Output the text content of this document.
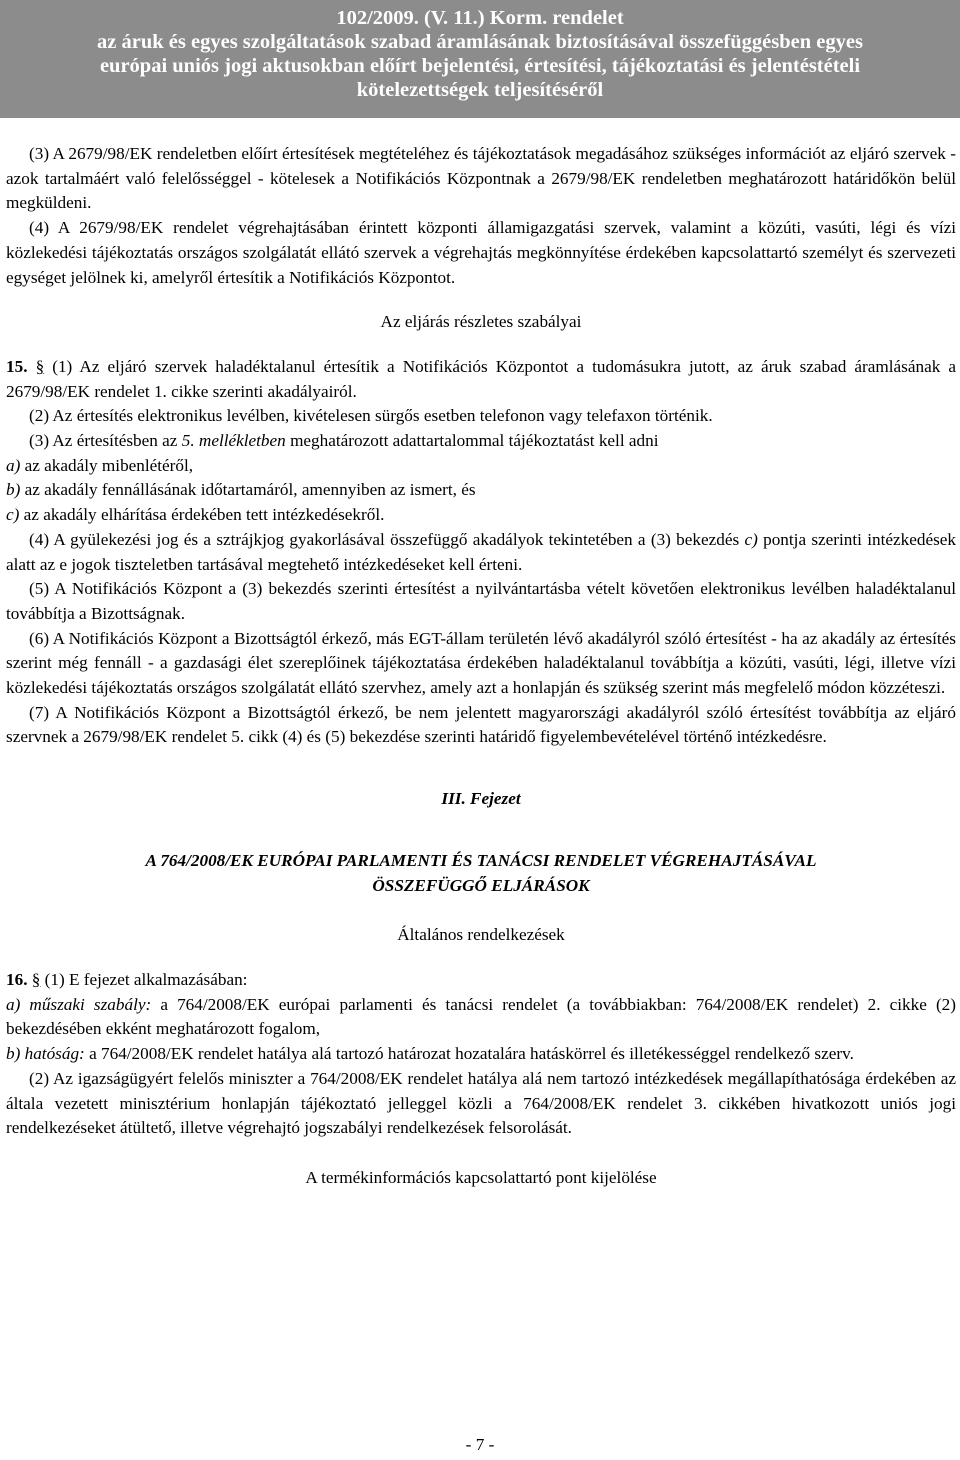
102/2009. (V. 11.) Korm. rendelet
az áruk és egyes szolgáltatások szabad áramlásának biztosításával összefüggésben egyes
európai uniós jogi aktusokban előírt bejelentési, értesítési, tájékoztatási és jelentéstételi
kötelezettségek teljesítéséről

(3) A 2679/98/EK rendeletben előírt értesítések megtételéhez és tájékoztatások megadásához szükséges információt az eljáró szervek - azok tartalmáért való felelősséggel - kötelesek a Notifikációs Központnak a 2679/98/EK rendeletben meghatározott határidőkön belül megküldeni.

(4) A 2679/98/EK rendelet végrehajtásában érintett központi államigazgatási szervek, valamint a közúti, vasúti, légi és vízi közlekedési tájékoztatás országos szolgálatát ellátó szervek a végrehajtás megkönnyítése érdekében kapcsolattartó személyt és szervezeti egységet jelölnek ki, amelyről értesítik a Notifikációs Központot.

Az eljárás részletes szabályai

15. § (1) Az eljáró szervek haladéktalanul értesítik a Notifikációs Központot a tudomásukra jutott, az áruk szabad áramlásának a 2679/98/EK rendelet 1. cikke szerinti akadályairól.

(2) Az értesítés elektronikus levélben, kivételesen sürgős esetben telefonon vagy telefaxon történik.

(3) Az értesítésben az 5. mellékletben meghatározott adattartalommal tájékoztatást kell adni

a) az akadály mibenlétéről,

b) az akadály fennállásának időtartamáról, amennyiben az ismert, és

c) az akadály elhárítása érdekében tett intézkedésekről.

(4) A gyülekezési jog és a sztrájkjog gyakorlásával összefüggő akadályok tekintetében a (3) bekezdés c) pontja szerinti intézkedések alatt az e jogok tiszteletben tartásával megtehető intézkedéseket kell érteni.

(5) A Notifikációs Központ a (3) bekezdés szerinti értesítést a nyilvántartásba vételt követően elektronikus levélben haladéktalanul továbbítja a Bizottságnak.

(6) A Notifikációs Központ a Bizottságtól érkező, más EGT-állam területén lévő akadályról szóló értesítést - ha az akadály az értesítés szerint még fennáll - a gazdasági élet szereplőinek tájékoztatása érdekében haladéktalanul továbbítja a közúti, vasúti, légi, illetve vízi közlekedési tájékoztatás országos szolgálatát ellátó szervhez, amely azt a honlapján és szükség szerint más megfelelő módon közzéteszi.

(7) A Notifikációs Központ a Bizottságtól érkező, be nem jelentett magyarországi akadályról szóló értesítést továbbítja az eljáró szervnek a 2679/98/EK rendelet 5. cikk (4) és (5) bekezdése szerinti határidő figyelembevételével történő intézkedésre.

III. Fejezet

A 764/2008/EK EURÓPAI PARLAMENTI ÉS TANÁCSI RENDELET VÉGREHAJTÁSÁVAL

ÖSSZEFÜGGŐ ELJÁRÁSOK

Általános rendelkezések

16. § (1) E fejezet alkalmazásában:

a) műszaki szabály: a 764/2008/EK európai parlamenti és tanácsi rendelet (a továbbiakban: 764/2008/EK rendelet) 2. cikke (2) bekezdésében ekként meghatározott fogalom,

b) hatóság: a 764/2008/EK rendelet hatálya alá tartozó határozat hozatalára hatáskörrel és illetékességgel rendelkező szerv.

(2) Az igazságügyért felelős miniszter a 764/2008/EK rendelet hatálya alá nem tartozó intézkedések megállapíthatósága érdekében az általa vezetett minisztérium honlapján tájékoztató jelleggel közli a 764/2008/EK rendelet 3. cikkében hivatkozott uniós jogi rendelkezéseket átültető, illetve végrehajtó jogszabályi rendelkezések felsorolását.

A termékinformációs kapcsolattartó pont kijelölése

- 7 -
